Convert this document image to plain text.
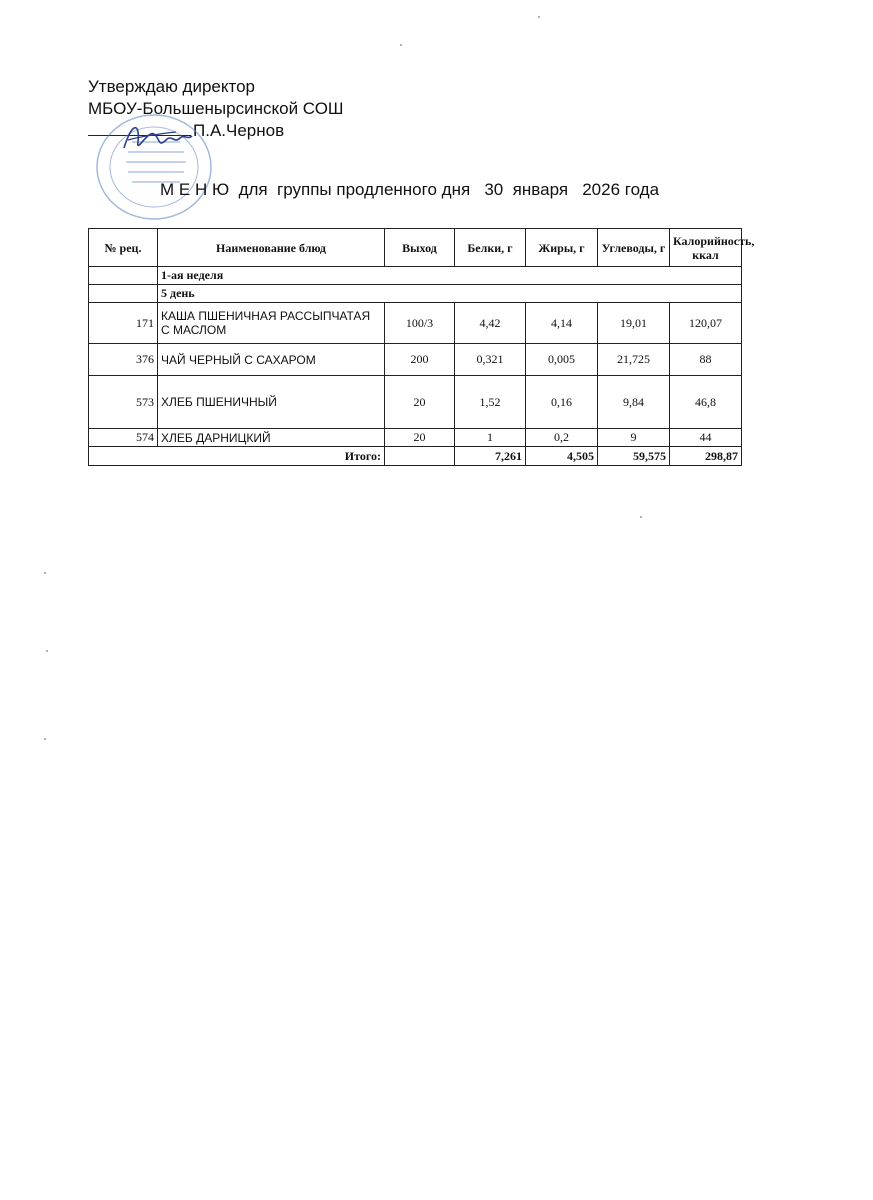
Утверждаю директор
МБОУ-Большенырсинской СОШ
П.А.Чернов
М Е Н Ю  для  группы продленного дня   30  января   2026 года
№ рец.	Наименование блюд	Выход	Белки, г	Жиры, г	Углеводы, г	Калорийность, ккал
	1-ая неделя					
	5 день					
171	КАША ПШЕНИЧНАЯ РАССЫПЧАТАЯ С МАСЛОМ	100/3	4,42	4,14	19,01	120,07
376	ЧАЙ ЧЕРНЫЙ С САХАРОМ	200	0,321	0,005	21,725	88
573	ХЛЕБ ПШЕНИЧНЫЙ	20	1,52	0,16	9,84	46,8
574	ХЛЕБ ДАРНИЦКИЙ	20	1	0,2	9	44
Итого:			7,261	4,505	59,575	298,87
